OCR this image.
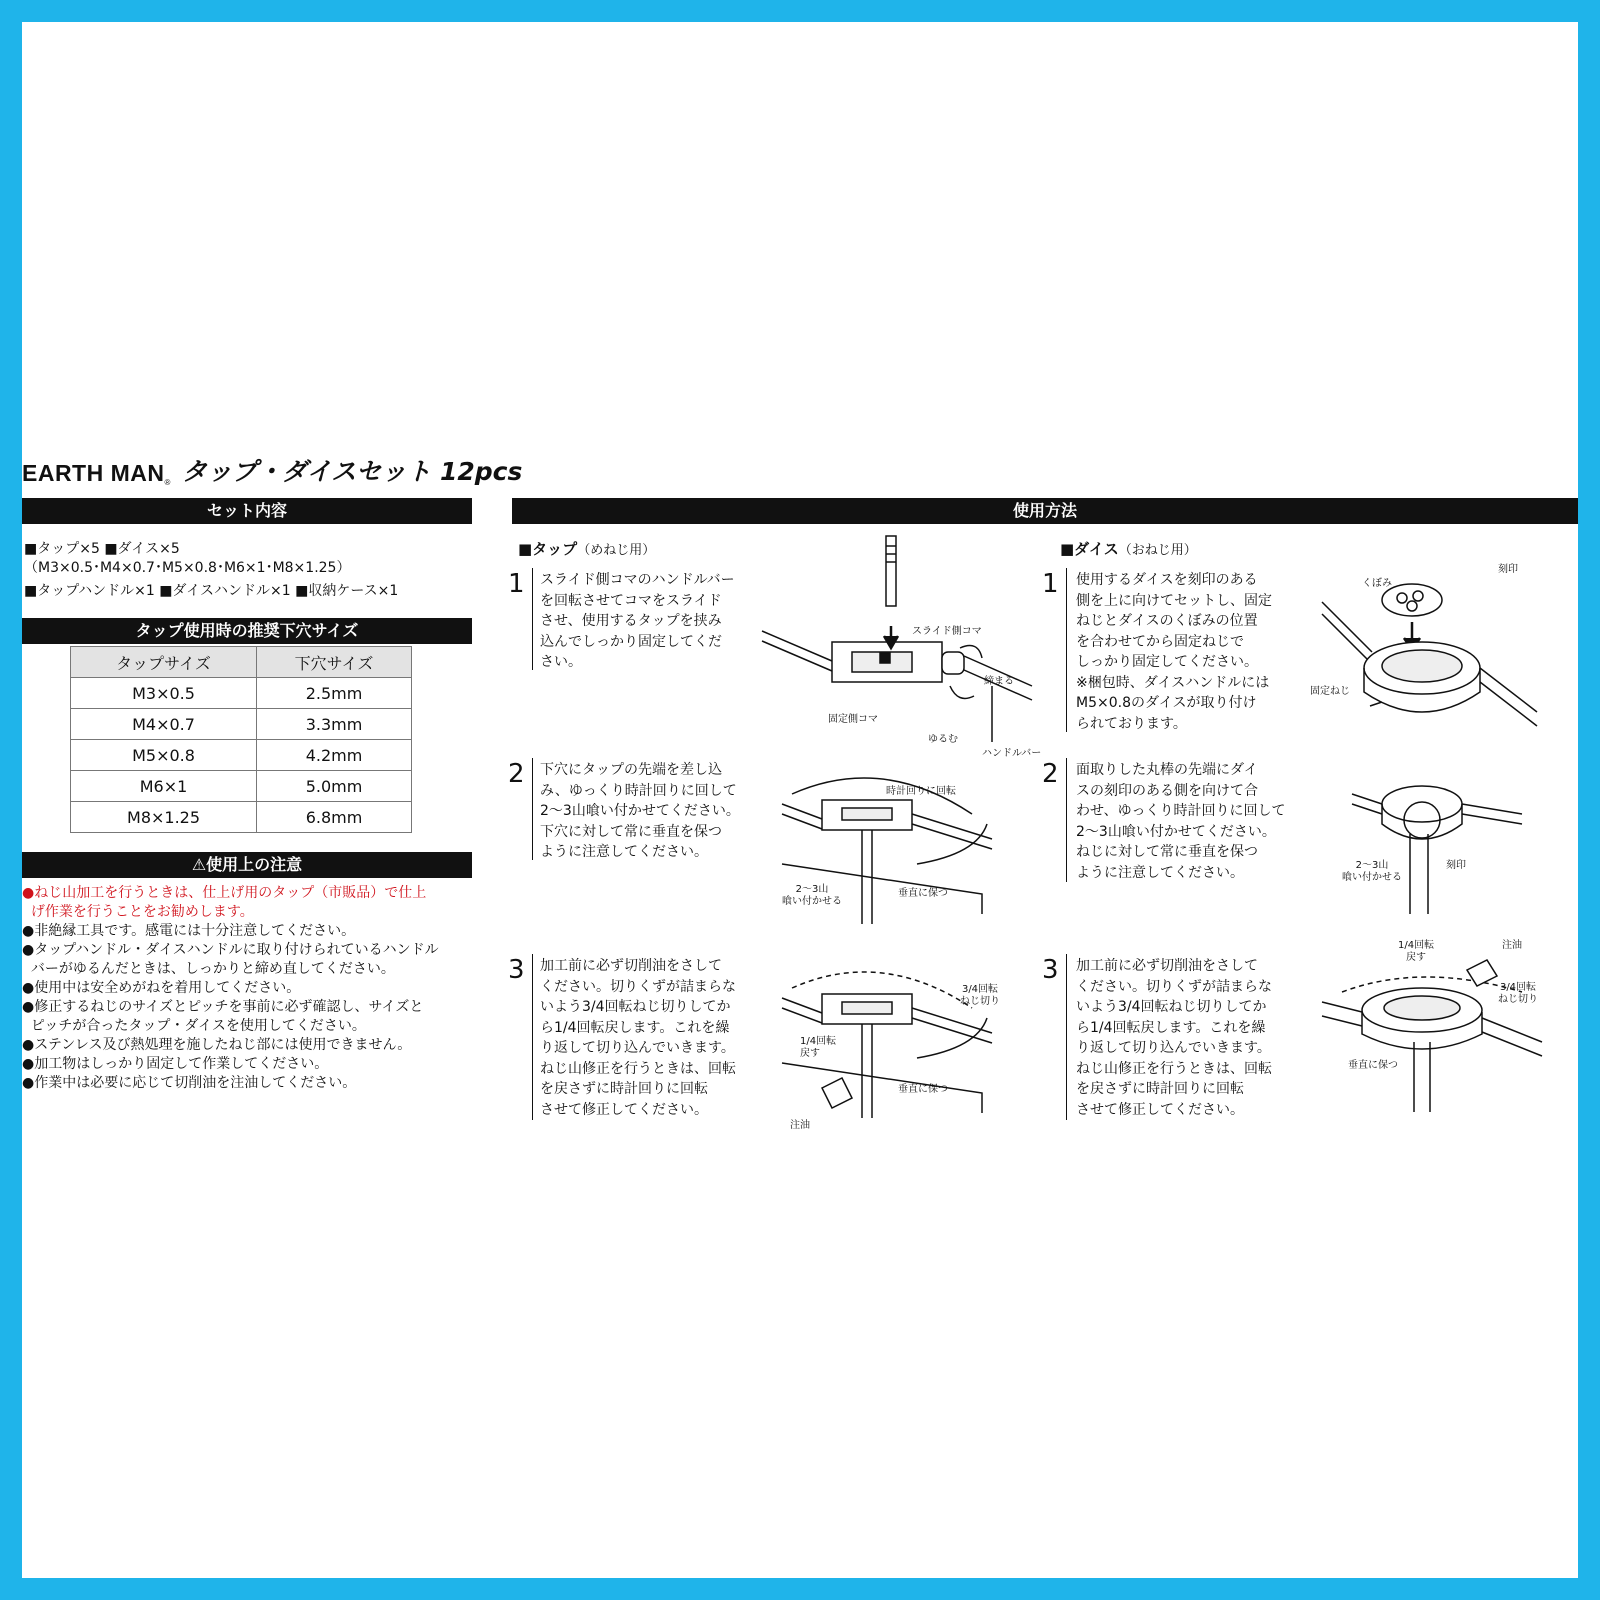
EARTH MAN® タップ・ダイスセット 12pcs
セット内容
■タップ×5 ■ダイス×5
（M3×0.5･M4×0.7･M5×0.8･M6×1･M8×1.25）
■タップハンドル×1 ■ダイスハンドル×1 ■収納ケース×1
タップ使用時の推奨下穴サイズ
タップサイズ	下穴サイズ
M3×0.5	2.5mm
M4×0.7	3.3mm
M5×0.8	4.2mm
M6×1	5.0mm
M8×1.25	6.8mm
⚠使用上の注意
●ねじ山加工を行うときは、仕上げ用のタップ（市販品）で仕上
げ作業を行うことをお勧めします。
●非絶縁工具です。感電には十分注意してください。
●タップハンドル・ダイスハンドルに取り付けられているハンドル
バーがゆるんだときは、しっかりと締め直してください。
●使用中は安全めがねを着用してください。
●修正するねじのサイズとピッチを事前に必ず確認し、サイズと
ピッチが合ったタップ・ダイスを使用してください。
●ステンレス及び熱処理を施したねじ部には使用できません。
●加工物はしっかり固定して作業してください。
●作業中は必要に応じて切削油を注油してください。
使用方法
■タップ（めねじ用）	■ダイス（おねじ用）
1 スライド側コマのハンドルバー
を回転させてコマをスライド
させ、使用するタップを挟み
込んでしっかり固定してくだ
さい。
2 下穴にタップの先端を差し込
み、ゆっくり時計回りに回して
2〜3山喰い付かせてください。
下穴に対して常に垂直を保つ
ように注意してください。
3 加工前に必ず切削油をさして
ください。切りくずが詰まらな
いよう3/4回転ねじ切りしてか
ら1/4回転戻します。これを繰
り返して切り込んでいきます。
ねじ山修正を行うときは、回転
を戻さずに時計回りに回転
させて修正してください。
1 使用するダイスを刻印のある
側を上に向けてセットし、固定
ねじとダイスのくぼみの位置
を合わせてから固定ねじで
しっかり固定してください。
※梱包時、ダイスハンドルには
M5×0.8のダイスが取り付け
られております。
2 面取りした丸棒の先端にダイ
スの刻印のある側を向けて合
わせ、ゆっくり時計回りに回して
2〜3山喰い付かせてください。
ねじに対して常に垂直を保つ
ように注意してください。
3 加工前に必ず切削油をさして
ください。切りくずが詰まらな
いよう3/4回転ねじ切りしてか
ら1/4回転戻します。これを繰
り返して切り込んでいきます。
ねじ山修正を行うときは、回転
を戻さずに時計回りに回転
させて修正してください。
スライド側コマ
締まる
固定側コマ
ゆるむ
ハンドルバー
時計回りに回転
2〜3山
喰い付かせる
垂直に保つ
3/4回転
ねじ切り
1/4回転
戻す
垂直に保つ
注油
刻印
くぼみ
固定ねじ
2〜3山
喰い付かせる
刻印
1/4回転
戻す
注油
3/4回転
ねじ切り
垂直に保つ
